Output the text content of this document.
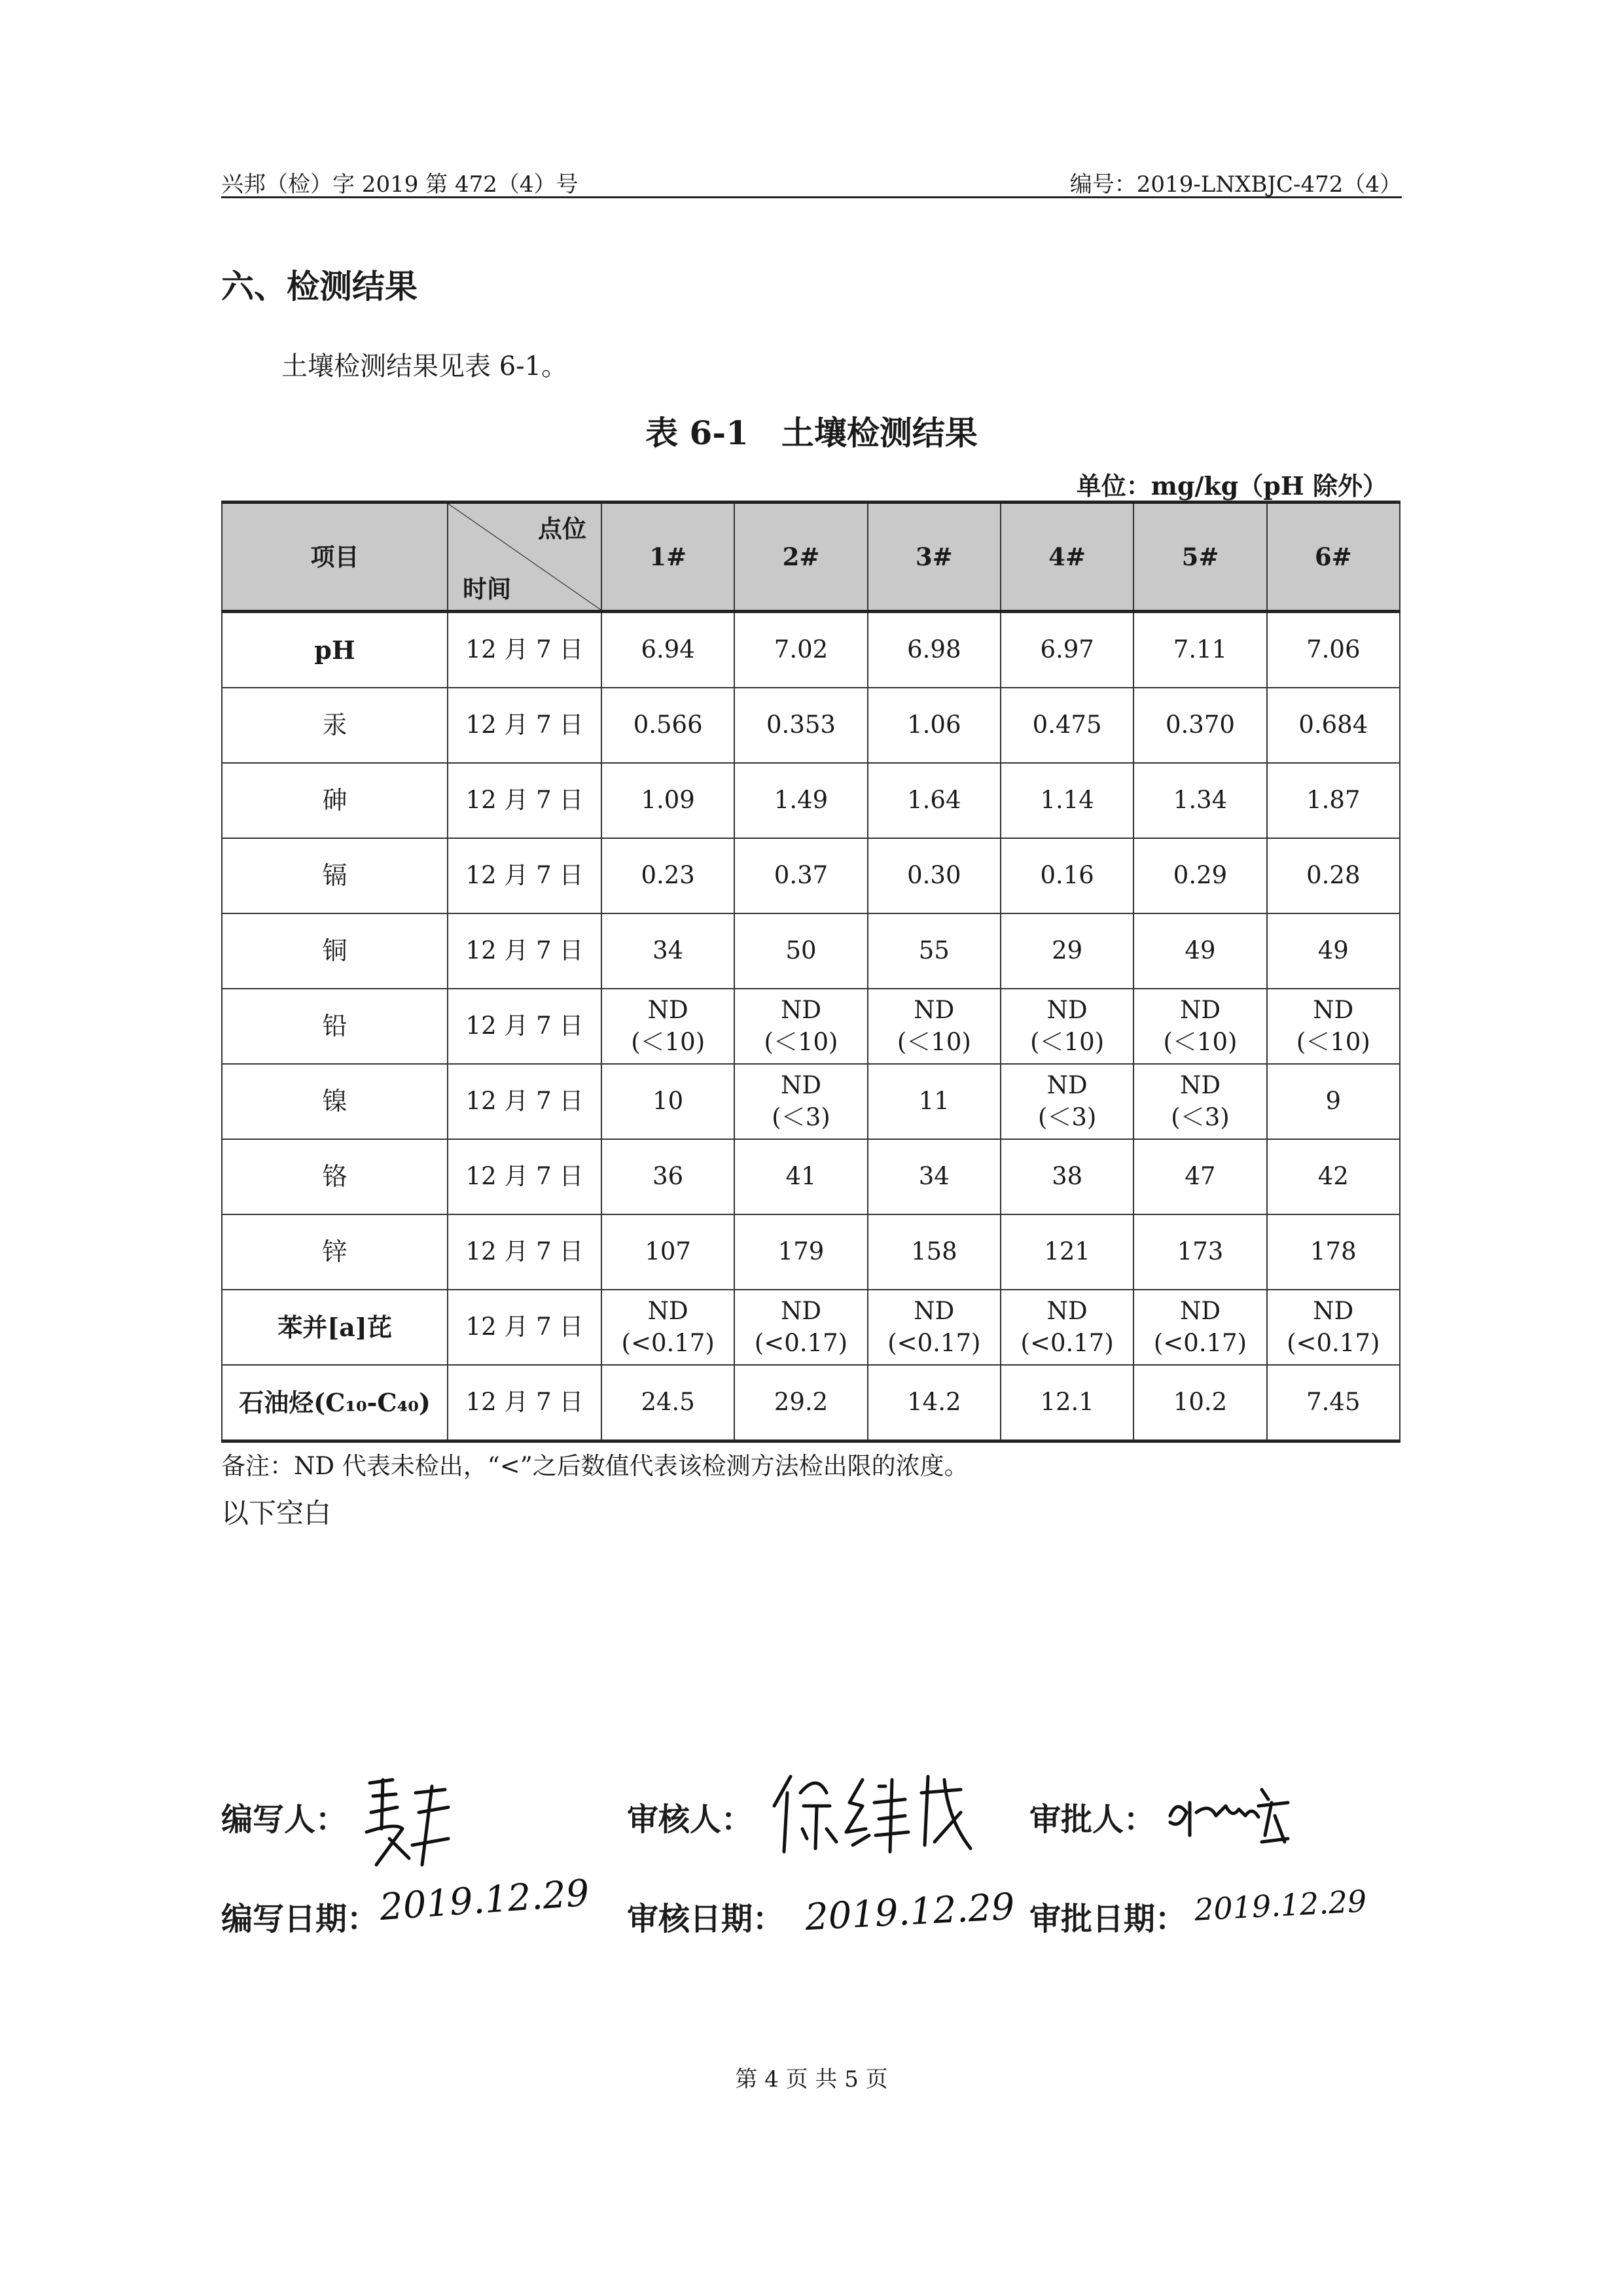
兴邦（检）字 2019 第 472（4）号	编号：2019-LNXBJC-472（4）
六、检测结果
土壤检测结果见表 6-1。
表 6-1　土壤检测结果
单位：mg/kg（pH 除外）
项目	点位
时间	1#	2#	3#	4#	5#	6#
pH	12 月 7 日	6.94	7.02	6.98	6.97	7.11	7.06

汞	12 月 7 日	0.566	0.353	1.06	0.475	0.370	0.684

砷	12 月 7 日	1.09	1.49	1.64	1.14	1.34	1.87

镉	12 月 7 日	0.23	0.37	0.30	0.16	0.29	0.28

铜	12 月 7 日	34	50	55	29	49	49

铅	12 月 7 日	ND
(＜10)	ND
(＜10)	ND
(＜10)	ND
(＜10)	ND
(＜10)	ND
(＜10)

镍	12 月 7 日	10	ND
(＜3)	11	ND
(＜3)	ND
(＜3)	9

铬	12 月 7 日	36	41	34	38	47	42

锌	12 月 7 日	107	179	158	121	173	178

苯并[a]芘	12 月 7 日	ND
(<0.17)	ND
(<0.17)	ND
(<0.17)	ND
(<0.17)	ND
(<0.17)	ND
(<0.17)

石油烃(C₁₀-C₄₀)	12 月 7 日	24.5	29.2	14.2	12.1	10.2	7.45
备注：ND 代表未检出，“<”之后数值代表该检测方法检出限的浓度。
以下空白
编写人：	审核人：	审批人：
编写日期： 2019.12.29 审核日期： 2019.12.29 审批日期： 2019.12.29
第 4 页 共 5 页
